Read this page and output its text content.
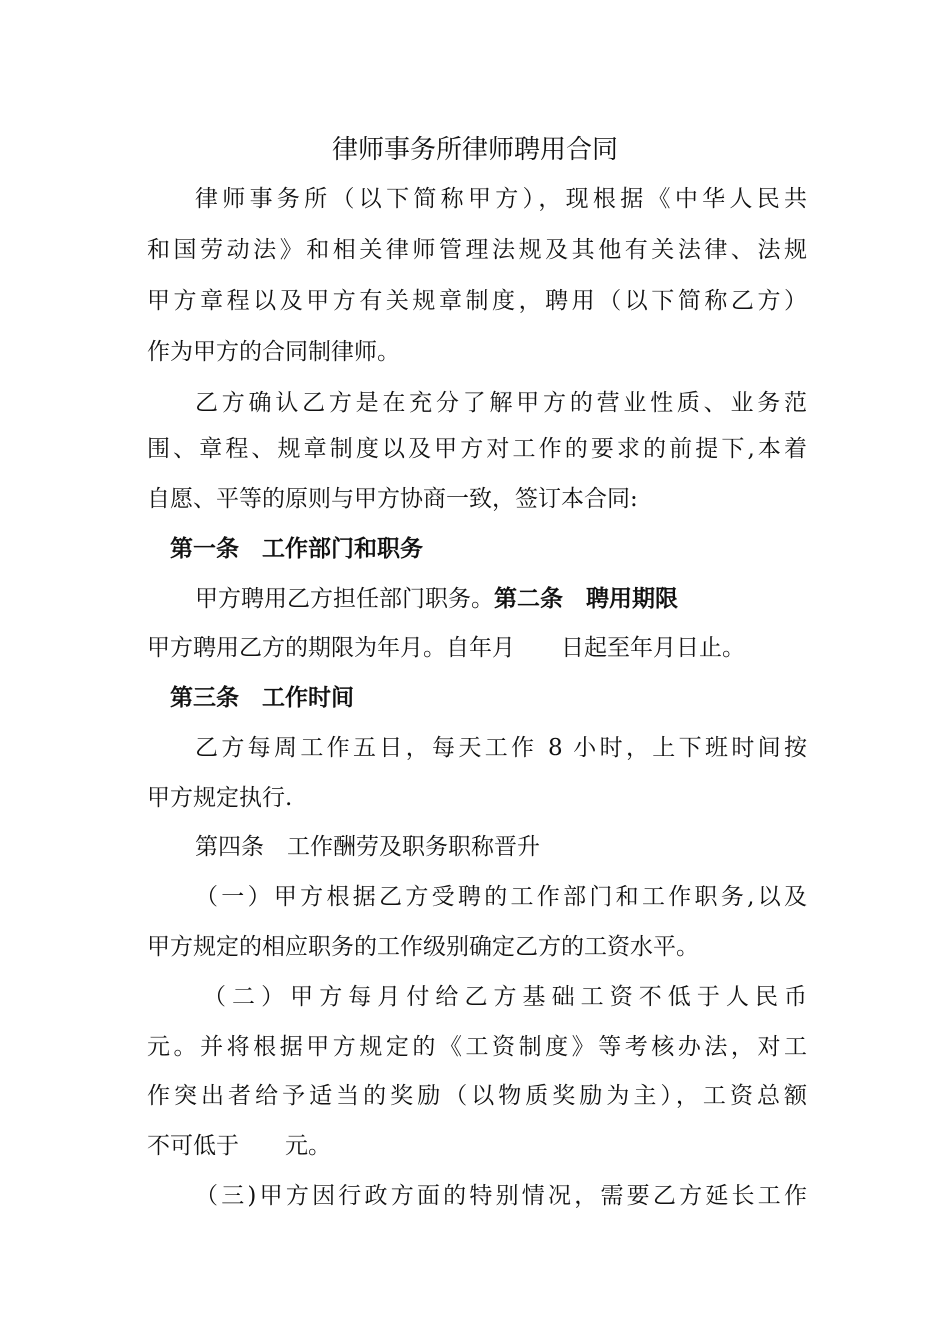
律师事务所律师聘用合同
律师事务所（以下简称甲方），现根据《中华人民共
和国劳动法》和相关律师管理法规及其他有关法律、法规
甲方章程以及甲方有关规章制度，聘用（以下简称乙方）
作为甲方的合同制律师。
乙方确认乙方是在充分了解甲方的营业性质、业务范
围、章程、规章制度以及甲方对工作的要求的前提下,本着
自愿、平等的原则与甲方协商一致，签订本合同:
第一条　工作部门和职务
甲方聘用乙方担任部门职务。第二条　聘用期限
甲方聘用乙方的期限为年月。自年月　　日起至年月日止。
第三条　工作时间
乙方每周工作五日，每天工作 8 小时，上下班时间按
甲方规定执行.
第四条　工作酬劳及职务职称晋升
（一）甲方根据乙方受聘的工作部门和工作职务,以及
甲方规定的相应职务的工作级别确定乙方的工资水平。
（二）甲方每月付给乙方基础工资不低于人民币
元。并将根据甲方规定的《工资制度》等考核办法，对工
作突出者给予适当的奖励（以物质奖励为主），工资总额
不可低于　　元。
（三)甲方因行政方面的特别情况，需要乙方延长工作
